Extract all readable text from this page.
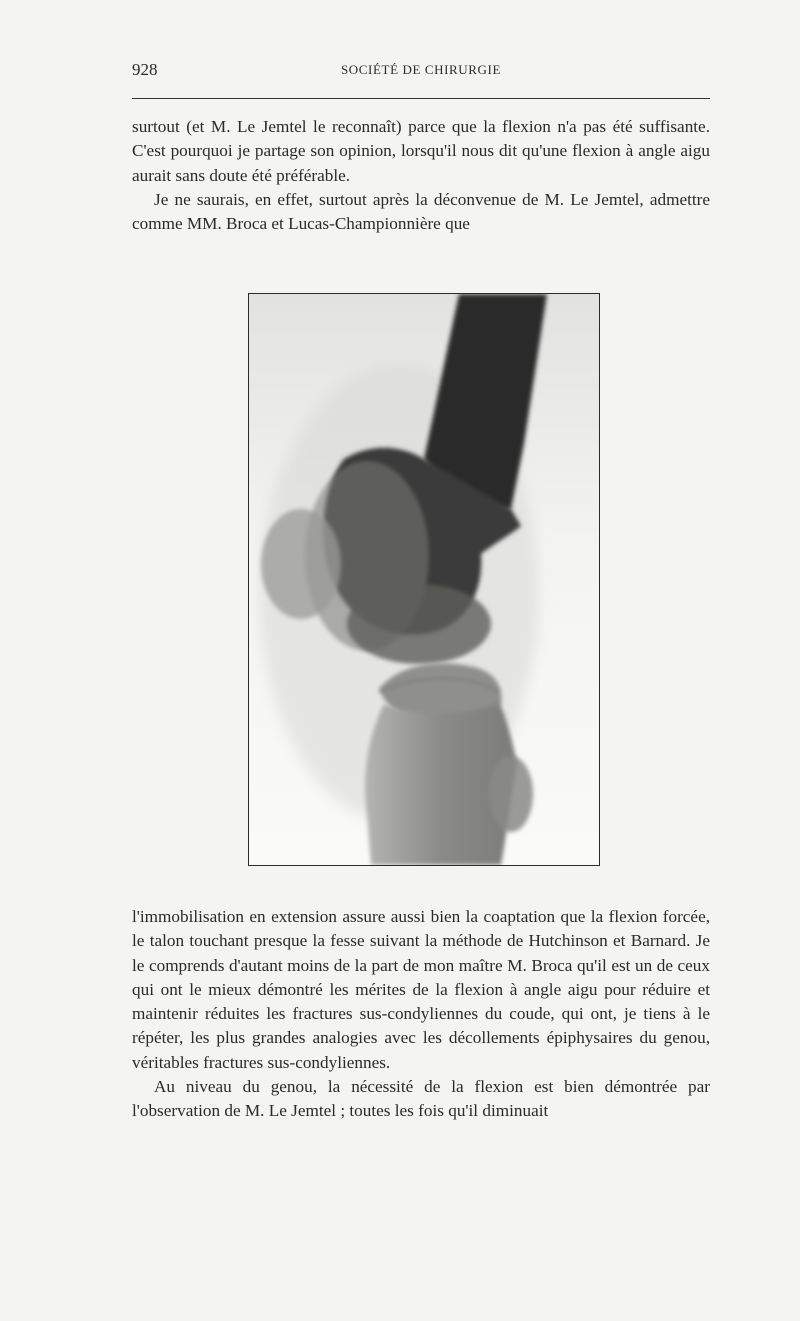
928	SOCIÉTÉ DE CHIRURGIE

surtout (et M. Le Jemtel le reconnaît) parce que la flexion n'a pas été suffisante. C'est pourquoi je partage son opinion, lorsqu'il nous dit qu'une flexion à angle aigu aurait sans doute été préférable.

Je ne saurais, en effet, surtout après la déconvenue de M. Le Jemtel, admettre comme MM. Broca et Lucas-Championnière que

l'immobilisation en extension assure aussi bien la coaptation que la flexion forcée, le talon touchant presque la fesse suivant la méthode de Hutchinson et Barnard. Je le comprends d'autant moins de la part de mon maître M. Broca qu'il est un de ceux qui ont le mieux démontré les mérites de la flexion à angle aigu pour réduire et maintenir réduites les fractures sus-condyliennes du coude, qui ont, je tiens à le répéter, les plus grandes analogies avec les décollements épiphysaires du genou, véritables fractures sus-condyliennes.

Au niveau du genou, la nécessité de la flexion est bien démontrée par l'observation de M. Le Jemtel ; toutes les fois qu'il diminuait
